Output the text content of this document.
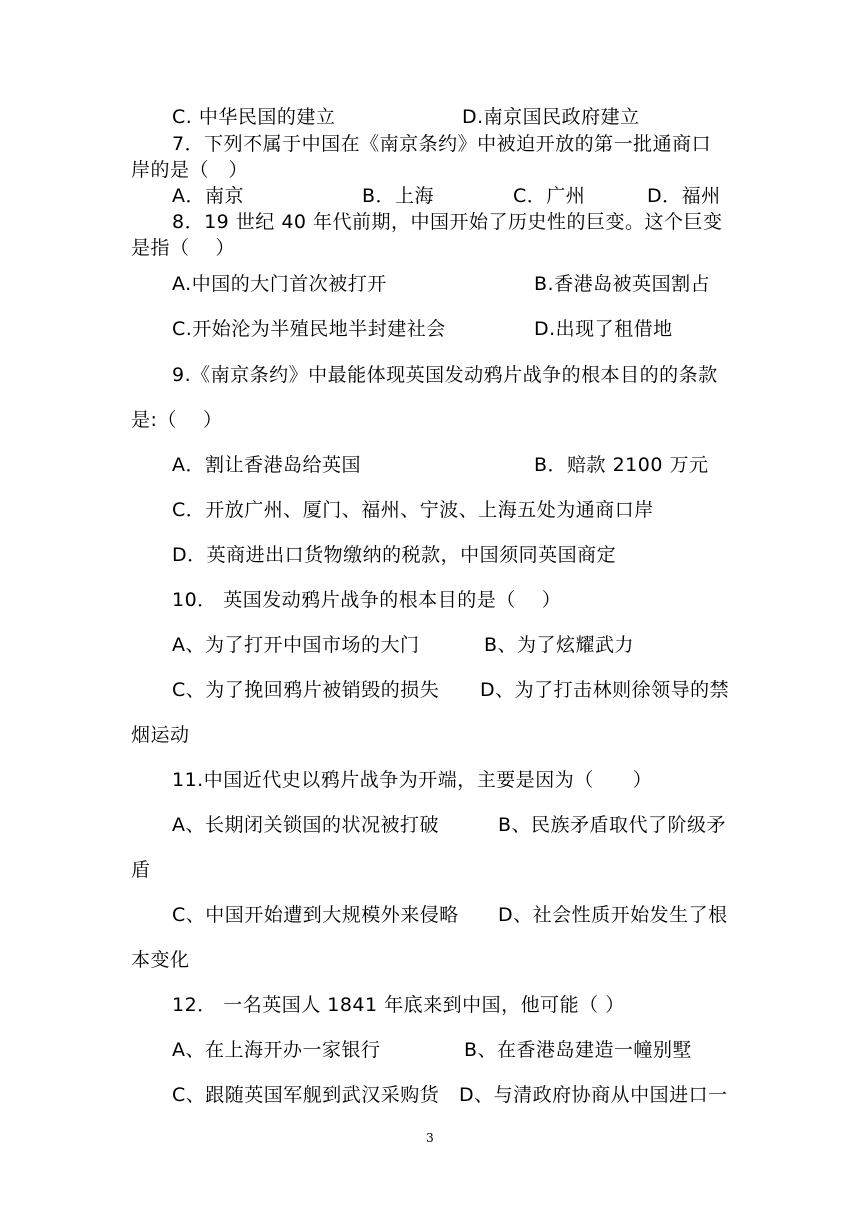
C. 中华民国的建立	D.南京国民政府建立
7．下列不属于中国在《南京条约》中被迫开放的第一批通商口
岸的是（　）
A．南京	B．上海	C．广州	D．福州
8．19 世纪 40 年代前期，中国开始了历史性的巨变。这个巨变
是指（　 ）
A.中国的大门首次被打开	B.香港岛被英国割占
C.开始沦为半殖民地半封建社会	D.出现了租借地
9.《南京条约》中最能体现英国发动鸦片战争的根本目的的条款
是:（　 ）
A．割让香港岛给英国	B．赔款 2100 万元
C．开放广州、厦门、福州、宁波、上海五处为通商口岸
D．英商进出口货物缴纳的税款，中国须同英国商定
10． 英国发动鸦片战争的根本目的是（　 ）
A、为了打开中国市场的大门	B、为了炫耀武力
C、为了挽回鸦片被销毁的损失 D、为了打击林则徐领导的禁
烟运动
11.中国近代史以鸦片战争为开端，主要是因为（　　）
A、长期闭关锁国的状况被打破	B、民族矛盾取代了阶级矛
盾
C、中国开始遭到大规模外来侵略 D、社会性质开始发生了根
本变化
12． 一名英国人 1841 年底来到中国，他可能（ ）
A、在上海开办一家银行	B、在香港岛建造一幢别墅
C、跟随英国军舰到武汉采购货 D、与清政府协商从中国进口一
3
